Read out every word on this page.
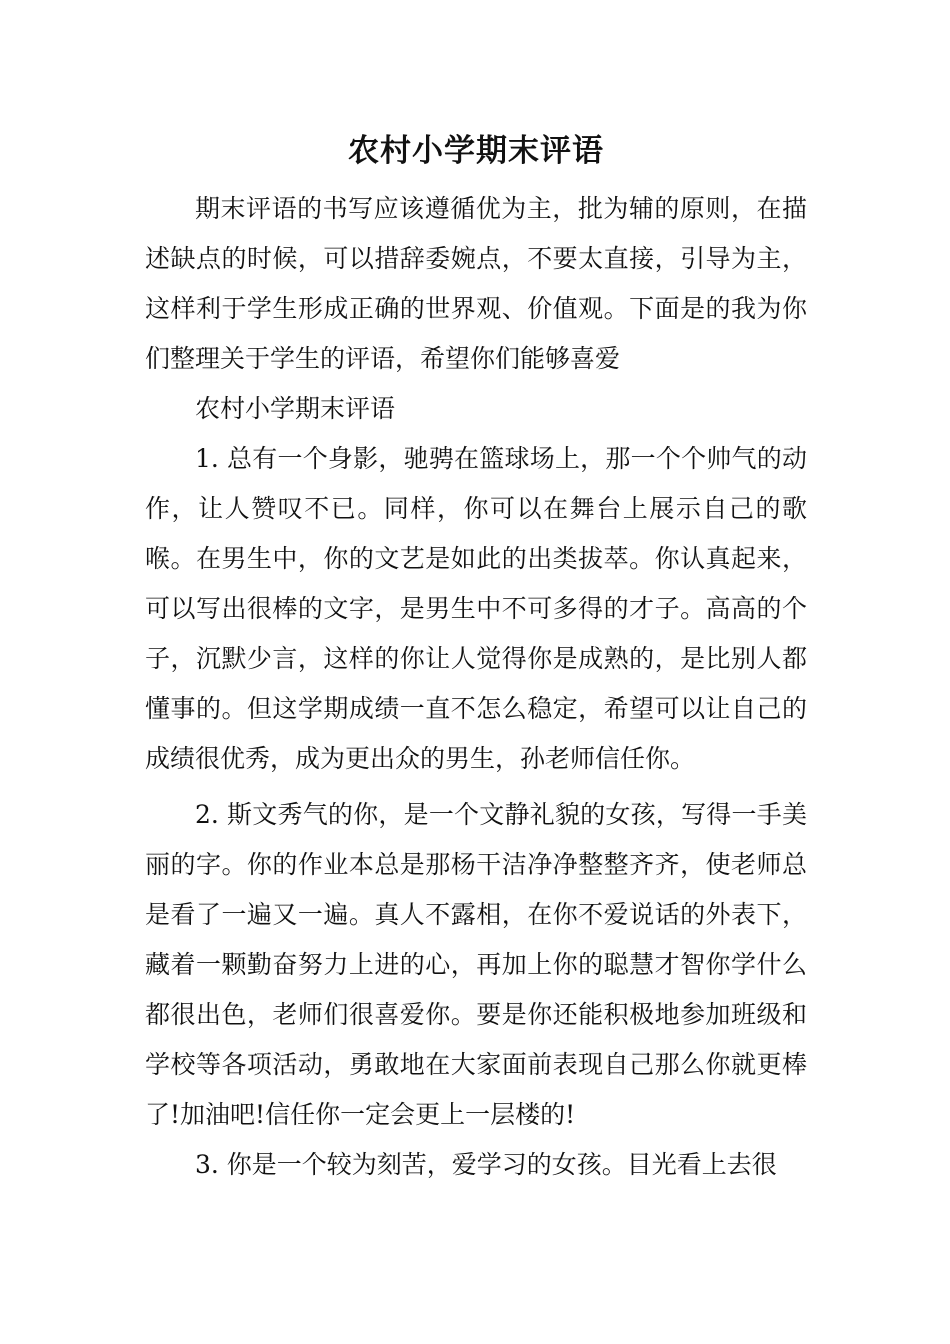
农村小学期末评语

期末评语的书写应该遵循优为主，批为辅的原则，在描述缺点的时候，可以措辞委婉点，不要太直接，引导为主，这样利于学生形成正确的世界观、价值观。下面是的我为你们整理关于学生的评语，希望你们能够喜爱

农村小学期末评语

1. 总有一个身影，驰骋在篮球场上，那一个个帅气的动作，让人赞叹不已。同样，你可以在舞台上展示自己的歌喉。在男生中，你的文艺是如此的出类拔萃。你认真起来，可以写出很棒的文字，是男生中不可多得的才子。高高的个子，沉默少言，这样的你让人觉得你是成熟的，是比别人都懂事的。但这学期成绩一直不怎么稳定，希望可以让自己的成绩很优秀，成为更出众的男生，孙老师信任你。

2. 斯文秀气的你，是一个文静礼貌的女孩，写得一手美丽的字。你的作业本总是那杨干洁净净整整齐齐，使老师总是看了一遍又一遍。真人不露相，在你不爱说话的外表下，藏着一颗勤奋努力上进的心，再加上你的聪慧才智你学什么都很出色，老师们很喜爱你。要是你还能积极地参加班级和学校等各项活动，勇敢地在大家面前表现自己那么你就更棒了!加油吧!信任你一定会更上一层楼的!

3. 你是一个较为刻苦，爱学习的女孩。目光看上去很
